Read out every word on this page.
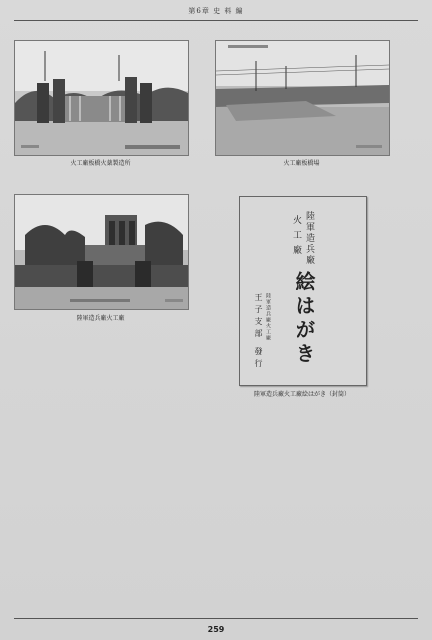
第6章 史 料 編
火工廠板橋火薬製造所	火工廠板橋場
陸軍造兵廠火工廠
陸軍造兵廠
火工廠
絵はがき
陸軍造兵廠火工廠
王子支部
發行
陸軍造兵廠火工廠絵はがき（封筒）
259
